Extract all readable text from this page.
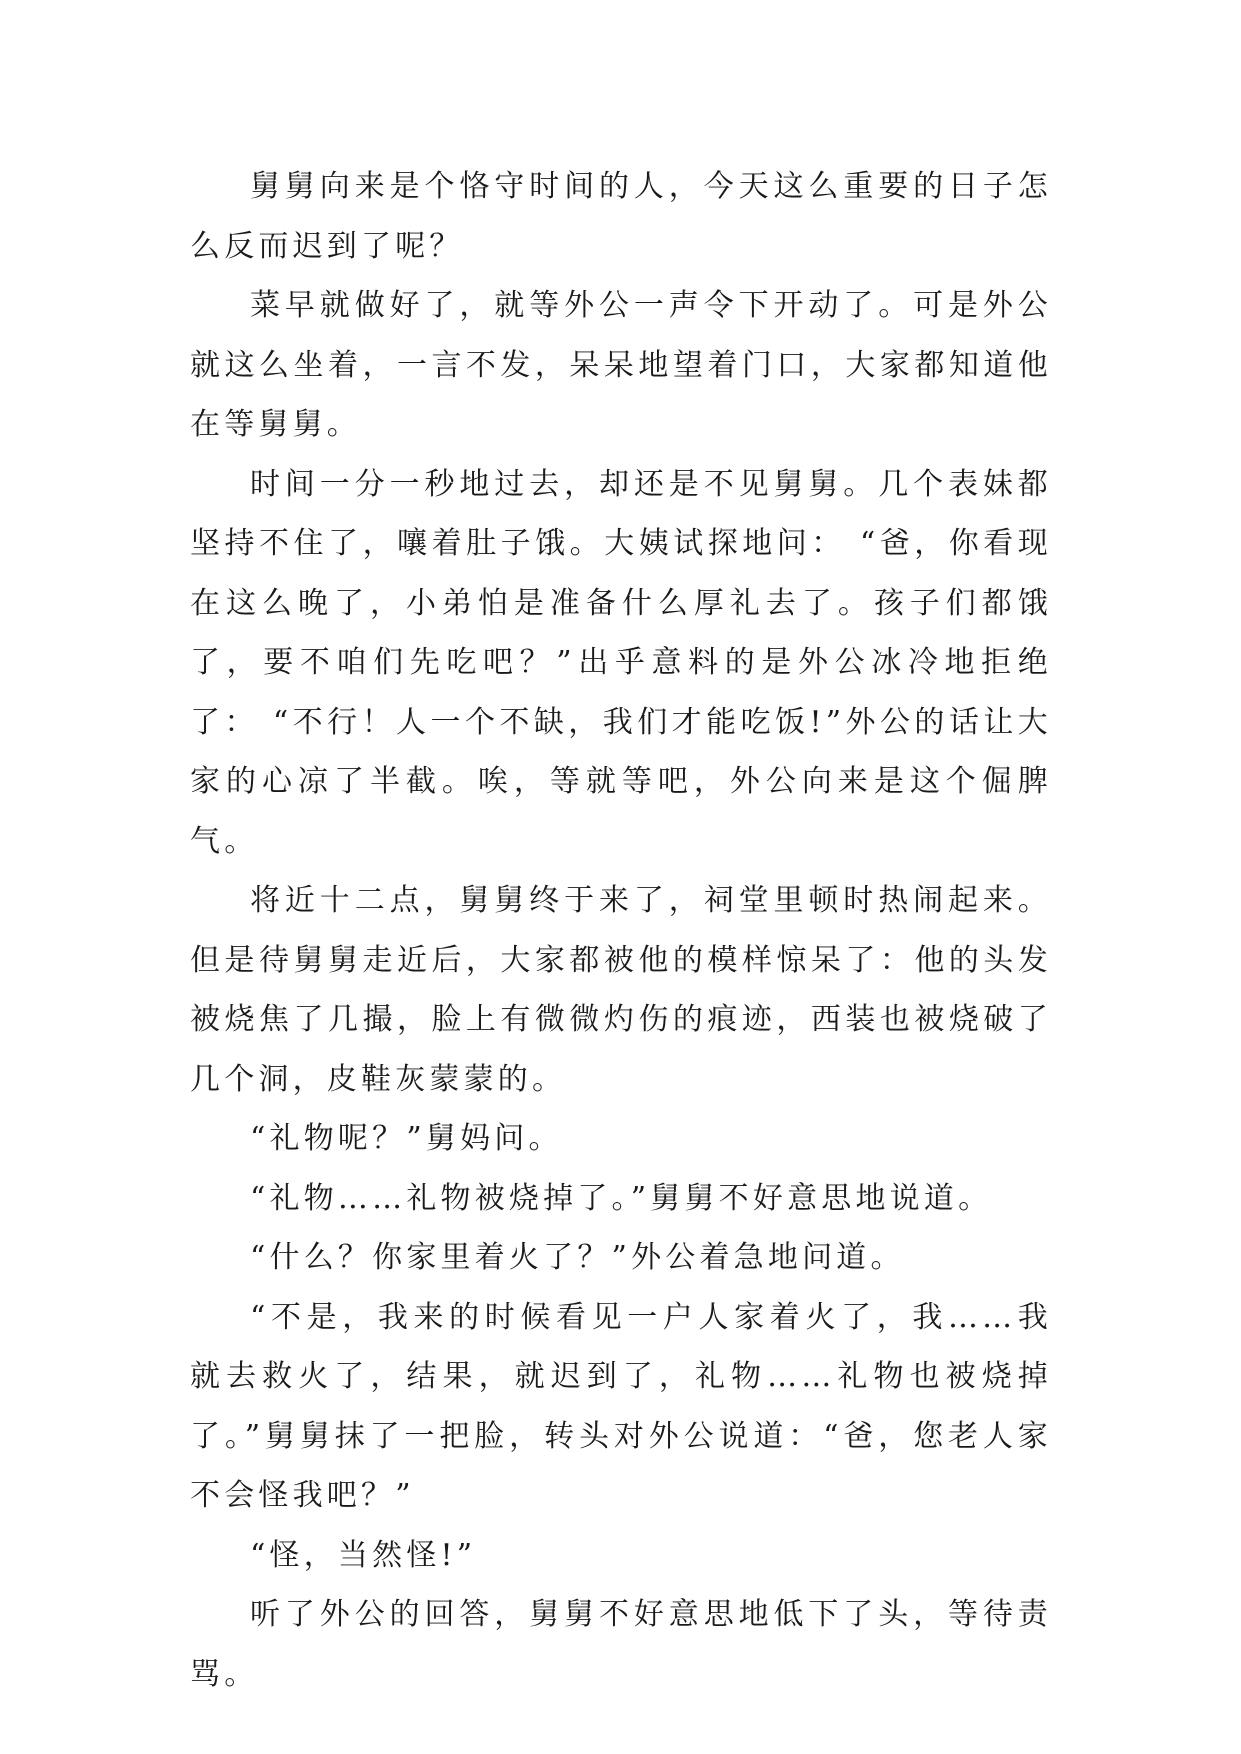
舅舅向来是个恪守时间的人，今天这么重要的日子怎么反而迟到了呢？

菜早就做好了，就等外公一声令下开动了。可是外公就这么坐着，一言不发，呆呆地望着门口，大家都知道他在等舅舅。

时间一分一秒地过去，却还是不见舅舅。几个表妹都坚持不住了，嚷着肚子饿。大姨试探地问： “爸，你看现在这么晚了，小弟怕是准备什么厚礼去了。孩子们都饿了，要不咱们先吃吧？”出乎意料的是外公冰冷地拒绝了： “不行！人一个不缺，我们才能吃饭!”外公的话让大家的心凉了半截。唉，等就等吧，外公向来是这个倔脾气。

将近十二点，舅舅终于来了，祠堂里顿时热闹起来。但是待舅舅走近后，大家都被他的模样惊呆了：他的头发被烧焦了几撮，脸上有微微灼伤的痕迹，西装也被烧破了几个洞，皮鞋灰蒙蒙的。

“礼物呢？”舅妈问。

“礼物……礼物被烧掉了。”舅舅不好意思地说道。

“什么？你家里着火了？”外公着急地问道。

“不是，我来的时候看见一户人家着火了，我……我就去救火了，结果，就迟到了，礼物……礼物也被烧掉了。”舅舅抹了一把脸，转头对外公说道：“爸，您老人家不会怪我吧？”

“怪，当然怪!”

听了外公的回答，舅舅不好意思地低下了头，等待责骂。
